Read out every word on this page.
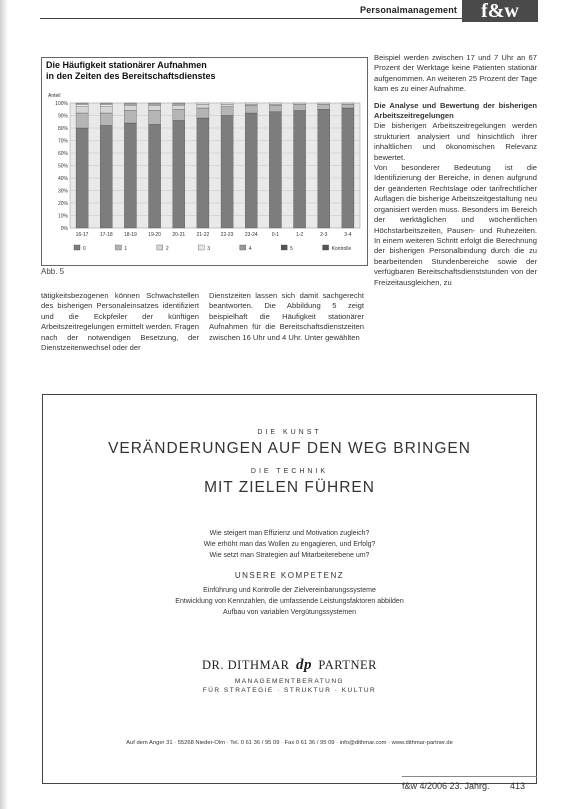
Personalmanagement	f&w
Die Häufigkeit stationärer Aufnahmen
in den Zeiten des Bereitschaftsdienstes
Anteil
0%
10%
20%
30%
40%
50%
60%
70%
80%
90%
100%
16-17 17-18 18-19 19-20 20-21 21-22 22-23 23-24	0-1	1-2	2-3	3-4
0	1	2	3	4	5	Kontrolle
Abb. 5

Beispiel werden zwischen 17 und 7 Uhr an 67 Prozent der Werktage keine Patienten stationär aufgenommen. An weiteren 25 Prozent der Tage kam es zu einer Aufnahme.

Die Analyse und Bewertung der bisherigen Arbeitszeitregelungen

Die bisherigen Arbeitszeitregelungen werden strukturiert analysiert und hinsichtlich ihrer inhaltlichen und ökonomischen Relevanz bewertet.

Von besonderer Bedeutung ist die Identifizierung der Bereiche, in denen aufgrund der geänderten Rechtslage oder tarifrechtlicher Auflagen die bisherige Arbeitszeitgestaltung neu organisiert werden muss. Besonders im Bereich der werktäglichen und wöchentlichen Höchstarbeitszeiten, Pausen- und Ruhezeiten. In einem weiteren Schritt erfolgt die Berechnung der bisherigen Personalbindung durch die zu bearbeitenden Stundenbereiche sowie der verfügbaren Bereitschaftsdienststunden von der Freizeitausgleichen, zu

tätigkeitsbezogenen können Schwachstellen des bisherigen Personaleinsatzes identifiziert und die Eckpfeiler der künftigen Arbeitszeitregelungen ermittelt werden. Fragen nach der notwendigen Besetzung, der Dienstzeitenwechsel oder der
Dienstzeiten lassen sich damit sachgerecht beantworten. Die Abbildung 5 zeigt beispielhaft die Häufigkeit stationärer Aufnahmen für die Bereitschaftsdienstzeiten zwischen 16 Uhr und 4 Uhr. Unter gewählten
DIE KUNST
VERÄNDERUNGEN AUF DEN WEG BRINGEN
DIE TECHNIK
MIT ZIELEN FÜHREN
Wie steigert man Effizienz und Motivation zugleich?
Wie erhöht man das Wollen zu engagieren, und Erfolg?
Wie setzt man Strategien auf Mitarbeiterebene um?
UNSERE KOMPETENZ
Einführung und Kontrolle der Zielvereinbarungssysteme
Entwicklung von Kennzahlen, die umfassende Leistungsfaktoren abbilden
Aufbau von variablen Vergütungssystemen
DR. DITHMAR dp PARTNER
MANAGEMENTBERATUNG
FÜR STRATEGIE · STRUKTUR · KULTUR
Auf dem Anger 31 · 55268 Nieder-Olm · Tel. 0 61 36 / 95 09 · Fax 0 61 36 / 95 09 · info@dithmar.com · www.dithmar-partner.de
f&w 4/2006 23. Jahrg. 413
